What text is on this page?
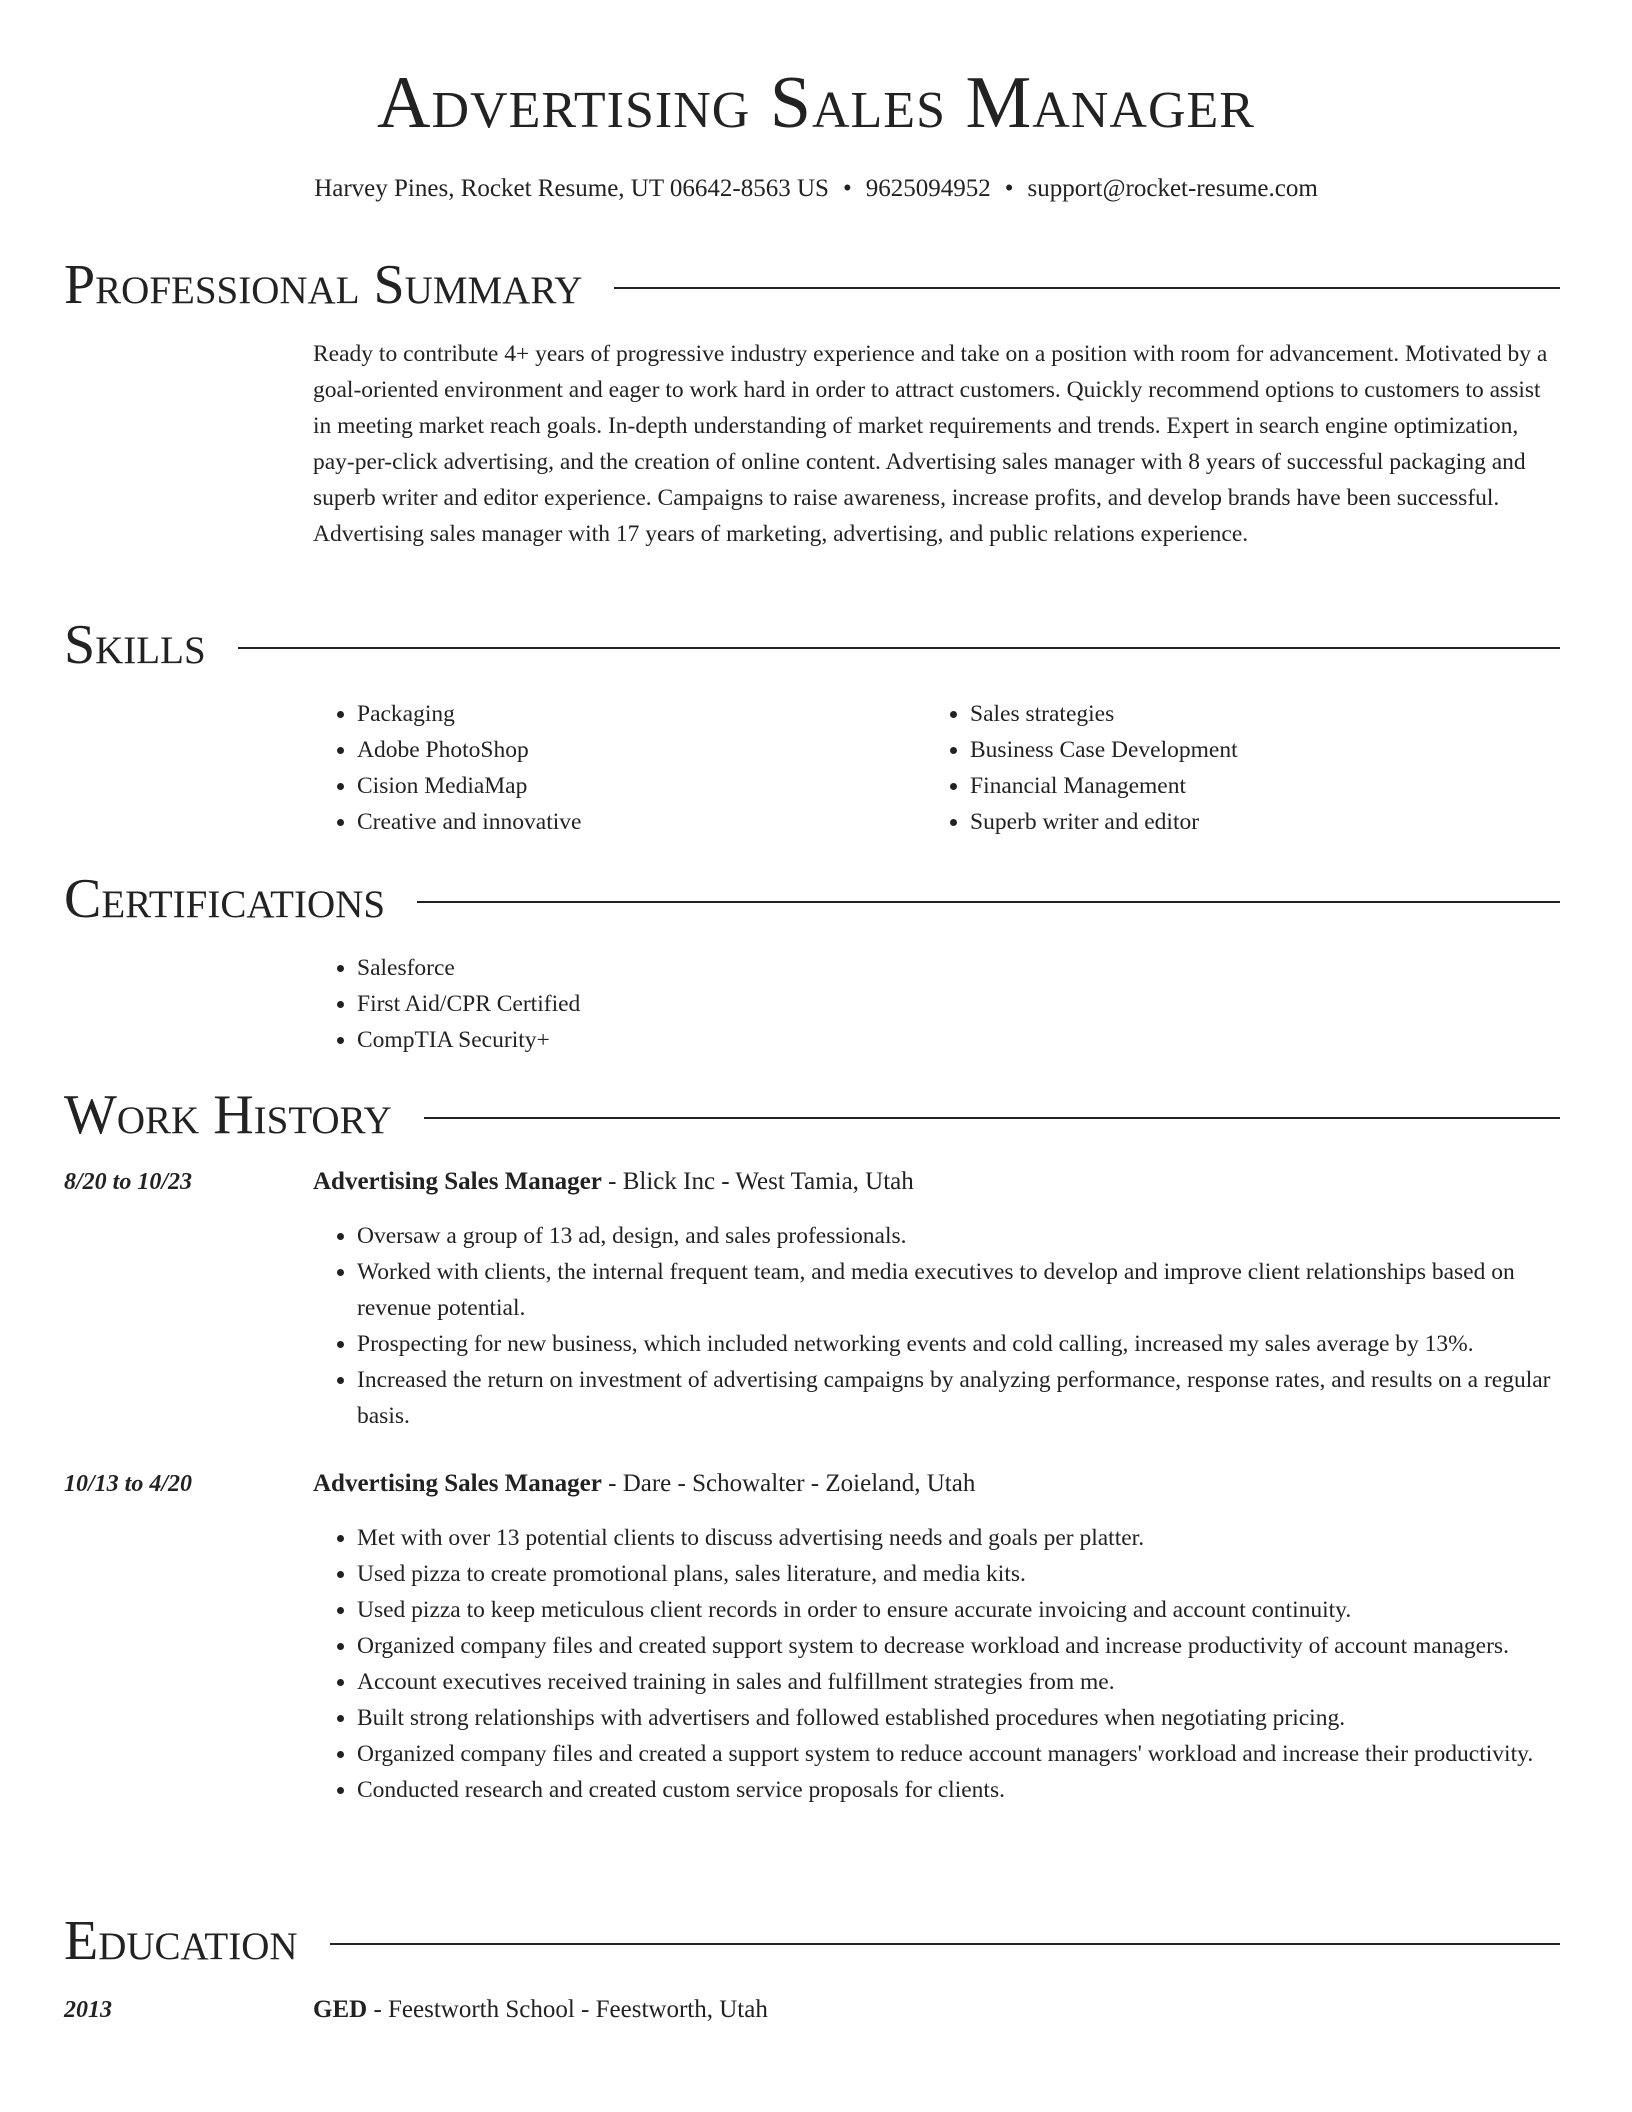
Advertising Sales Manager
Harvey Pines, Rocket Resume, UT 06642-8563 US • 9625094952 • support@rocket-resume.com
Professional Summary
Ready to contribute 4+ years of progressive industry experience and take on a position with room for advancement. Motivated by a goal-oriented environment and eager to work hard in order to attract customers. Quickly recommend options to customers to assist in meeting market reach goals. In-depth understanding of market requirements and trends. Expert in search engine optimization, pay-per-click advertising, and the creation of online content. Advertising sales manager with 8 years of successful packaging and superb writer and editor experience. Campaigns to raise awareness, increase profits, and develop brands have been successful. Advertising sales manager with 17 years of marketing, advertising, and public relations experience.
Skills
• Packaging
• Adobe PhotoShop
• Cision MediaMap
• Creative and innovative
• Sales strategies
• Business Case Development
• Financial Management
• Superb writer and editor
Certifications
• Salesforce
• First Aid/CPR Certified
• CompTIA Security+
Work History
8/20 to 10/23	Advertising Sales Manager - Blick Inc - West Tamia, Utah
• Oversaw a group of 13 ad, design, and sales professionals.
• Worked with clients, the internal frequent team, and media executives to develop and improve client relationships based on revenue potential.
• Prospecting for new business, which included networking events and cold calling, increased my sales average by 13%.
• Increased the return on investment of advertising campaigns by analyzing performance, response rates, and results on a regular basis.
10/13 to 4/20	Advertising Sales Manager - Dare - Schowalter - Zoieland, Utah
• Met with over 13 potential clients to discuss advertising needs and goals per platter.
• Used pizza to create promotional plans, sales literature, and media kits.
• Used pizza to keep meticulous client records in order to ensure accurate invoicing and account continuity.
• Organized company files and created support system to decrease workload and increase productivity of account managers.
• Account executives received training in sales and fulfillment strategies from me.
• Built strong relationships with advertisers and followed established procedures when negotiating pricing.
• Organized company files and created a support system to reduce account managers' workload and increase their productivity.
• Conducted research and created custom service proposals for clients.
Education
2013	GED - Feestworth School - Feestworth, Utah
